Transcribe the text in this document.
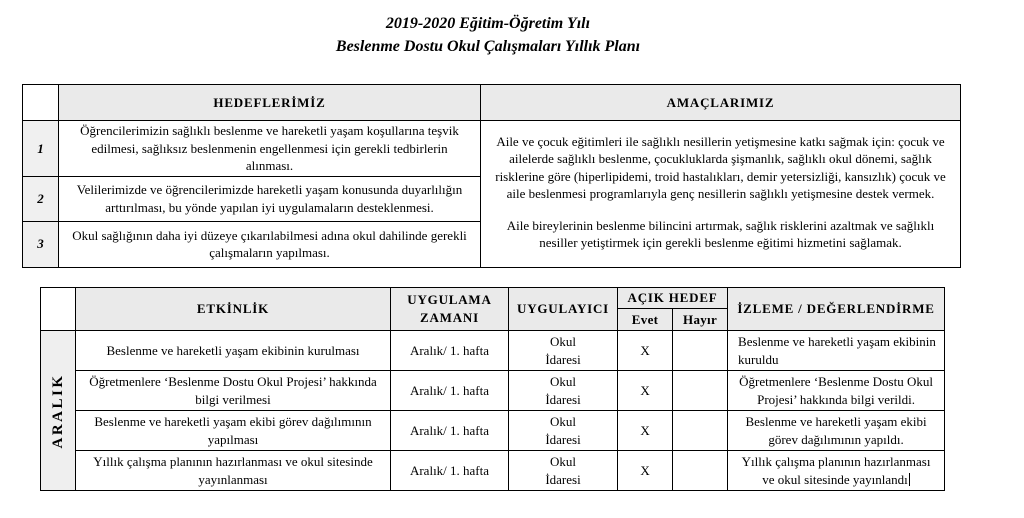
2019-2020 Eğitim-Öğretim Yılı
Beslenme Dostu Okul Çalışmaları Yıllık Planı
	HEDEFLERİMİZ	AMAÇLARIMIZ
1	Öğrencilerimizin sağlıklı beslenme ve hareketli yaşam koşullarına teşvik edilmesi, sağlıksız beslenmenin engellenmesi için gerekli tedbirlerin alınması.	Aile ve çocuk eğitimleri ile sağlıklı nesillerin yetişmesine katkı sağmak için: çocuk ve ailelerde sağlıklı beslenme, çocukluklarda şişmanlık, sağlıklı okul dönemi, sağlık risklerine göre (hiperlipidemi, troid hastalıkları, demir yetersizliği, kansızlık) çocuk ve aile beslenmesi programlarıyla genç nesillerin sağlıklı yetişmesine destek vermek.

Aile bireylerinin beslenme bilincini artırmak, sağlık risklerini azaltmak ve sağlıklı nesiller yetiştirmek için gerekli beslenme eğitimi hizmetini sağlamak.

2	Velilerimizde ve öğrencilerimizde hareketli yaşam konusunda duyarlılığın arttırılması, bu yönde yapılan iyi uygulamaların desteklenmesi.	
3	Okul sağlığının daha iyi düzeye çıkarılabilmesi adına okul dahilinde gerekli çalışmaların yapılması.	
	ETKİNLİK	UYGULAMA ZAMANI	UYGULAYICI	AÇIK HEDEF		İZLEME / DEĞERLENDİRME
				Evet	Hayır	

ARALIK	Beslenme ve hareketli yaşam ekibinin kurulması	Aralık/ 1. hafta	Okul İdaresi	X		Beslenme ve hareketli yaşam ekibinin kuruldu
	Öğretmenlere ‘Beslenme Dostu Okul Projesi’ hakkında bilgi verilmesi	Aralık/ 1. hafta	Okul İdaresi	X		Öğretmenlere ‘Beslenme Dostu Okul Projesi’ hakkında bilgi verildi.
	Beslenme ve hareketli yaşam ekibi görev dağılımının yapılması	Aralık/ 1. hafta	Okul İdaresi	X		Beslenme ve hareketli yaşam ekibi görev dağılımının yapıldı.
	Yıllık çalışma planının hazırlanması ve okul sitesinde yayınlanması	Aralık/ 1. hafta	Okul İdaresi	X		Yıllık çalışma planının hazırlanması ve okul sitesinde yayınlandı
